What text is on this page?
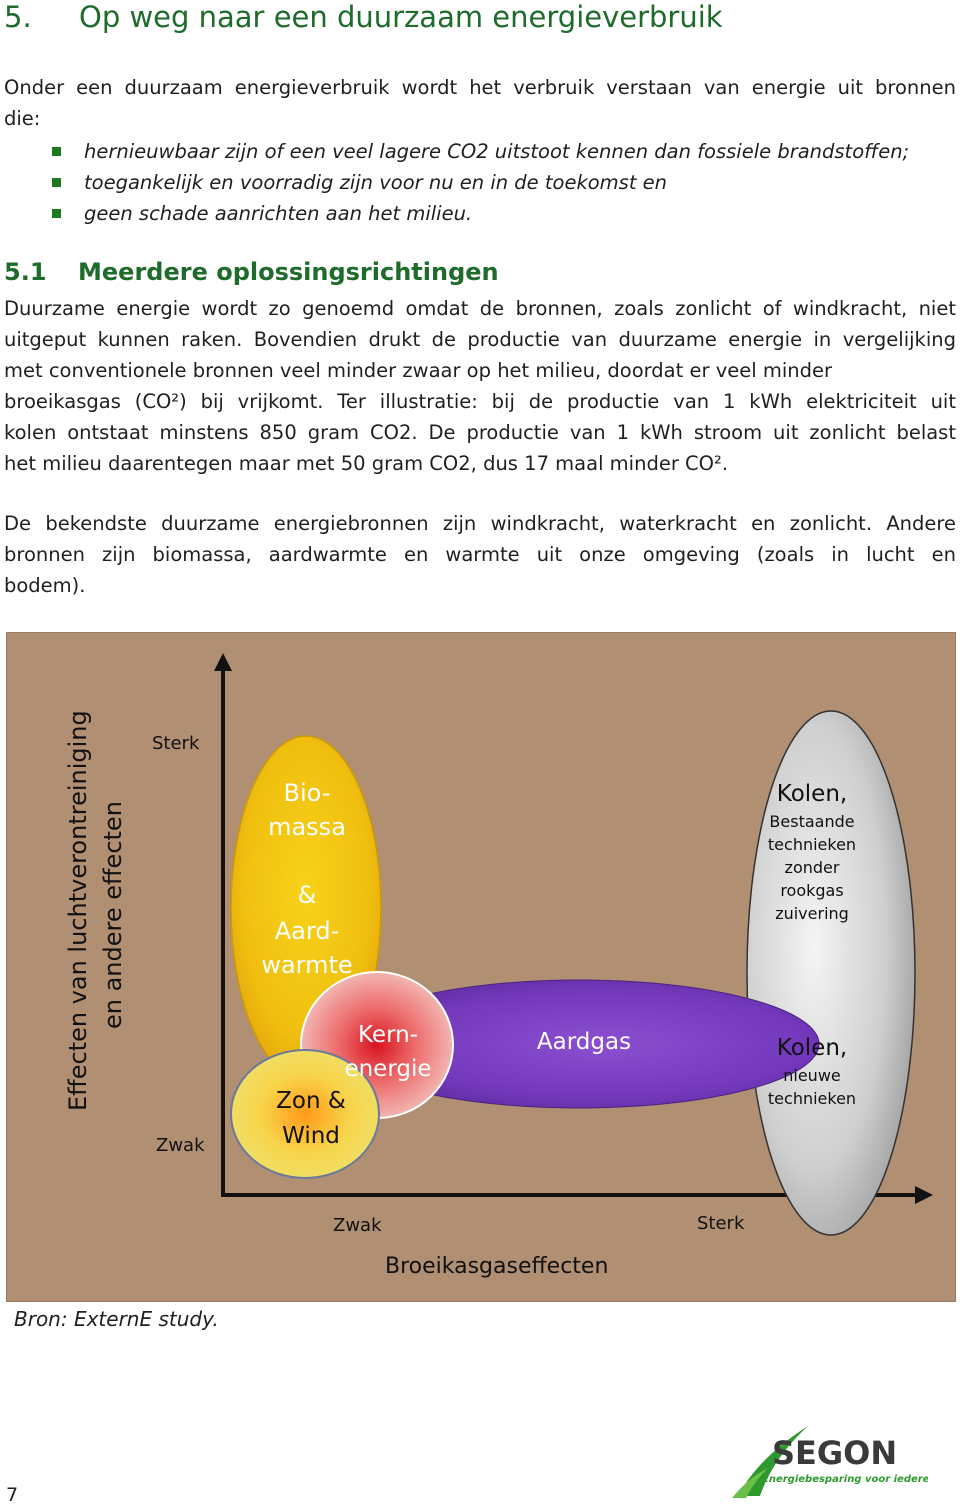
5. Op weg naar een duurzaam energieverbruik

Onder een duurzaam energieverbruik wordt het verbruik verstaan van energie uit bronnen

die:

hernieuwbaar zijn of een veel lagere CO2 uitstoot kennen dan fossiele brandstoffen;
toegankelijk en voorradig zijn voor nu en in de toekomst en
geen schade aanrichten aan het milieu.
5.1 Meerdere oplossingsrichtingen

Duurzame energie wordt zo genoemd omdat de bronnen, zoals zonlicht of windkracht, niet

uitgeput kunnen raken. Bovendien drukt de productie van duurzame energie in vergelijking

met conventionele bronnen veel minder zwaar op het milieu, doordat er veel minder

broeikasgas (CO²) bij vrijkomt. Ter illustratie: bij de productie van 1 kWh elektriciteit uit

kolen ontstaat minstens 850 gram CO2. De productie van 1 kWh stroom uit zonlicht belast

het milieu daarentegen maar met 50 gram CO2, dus 17 maal minder CO².

De bekendste duurzame energiebronnen zijn windkracht, waterkracht en zonlicht. Andere

bronnen zijn biomassa, aardwarmte en warmte uit onze omgeving (zoals in lucht en

bodem).

Effecten van luchtverontreiniging en andere effecten
Sterk
Zwak
Zwak	Sterk
Broeikasgaseffecten
Bio-
massa
&
Aard-
warmte
Kern-
energie
Zon &
Wind
Aardgas
Kolen,
Bestaande
technieken
zonder
rookgas
zuivering
Kolen,
nieuwe
technieken

Bron: ExternE study.

7
SEGON
Energiebesparing voor iedereen
